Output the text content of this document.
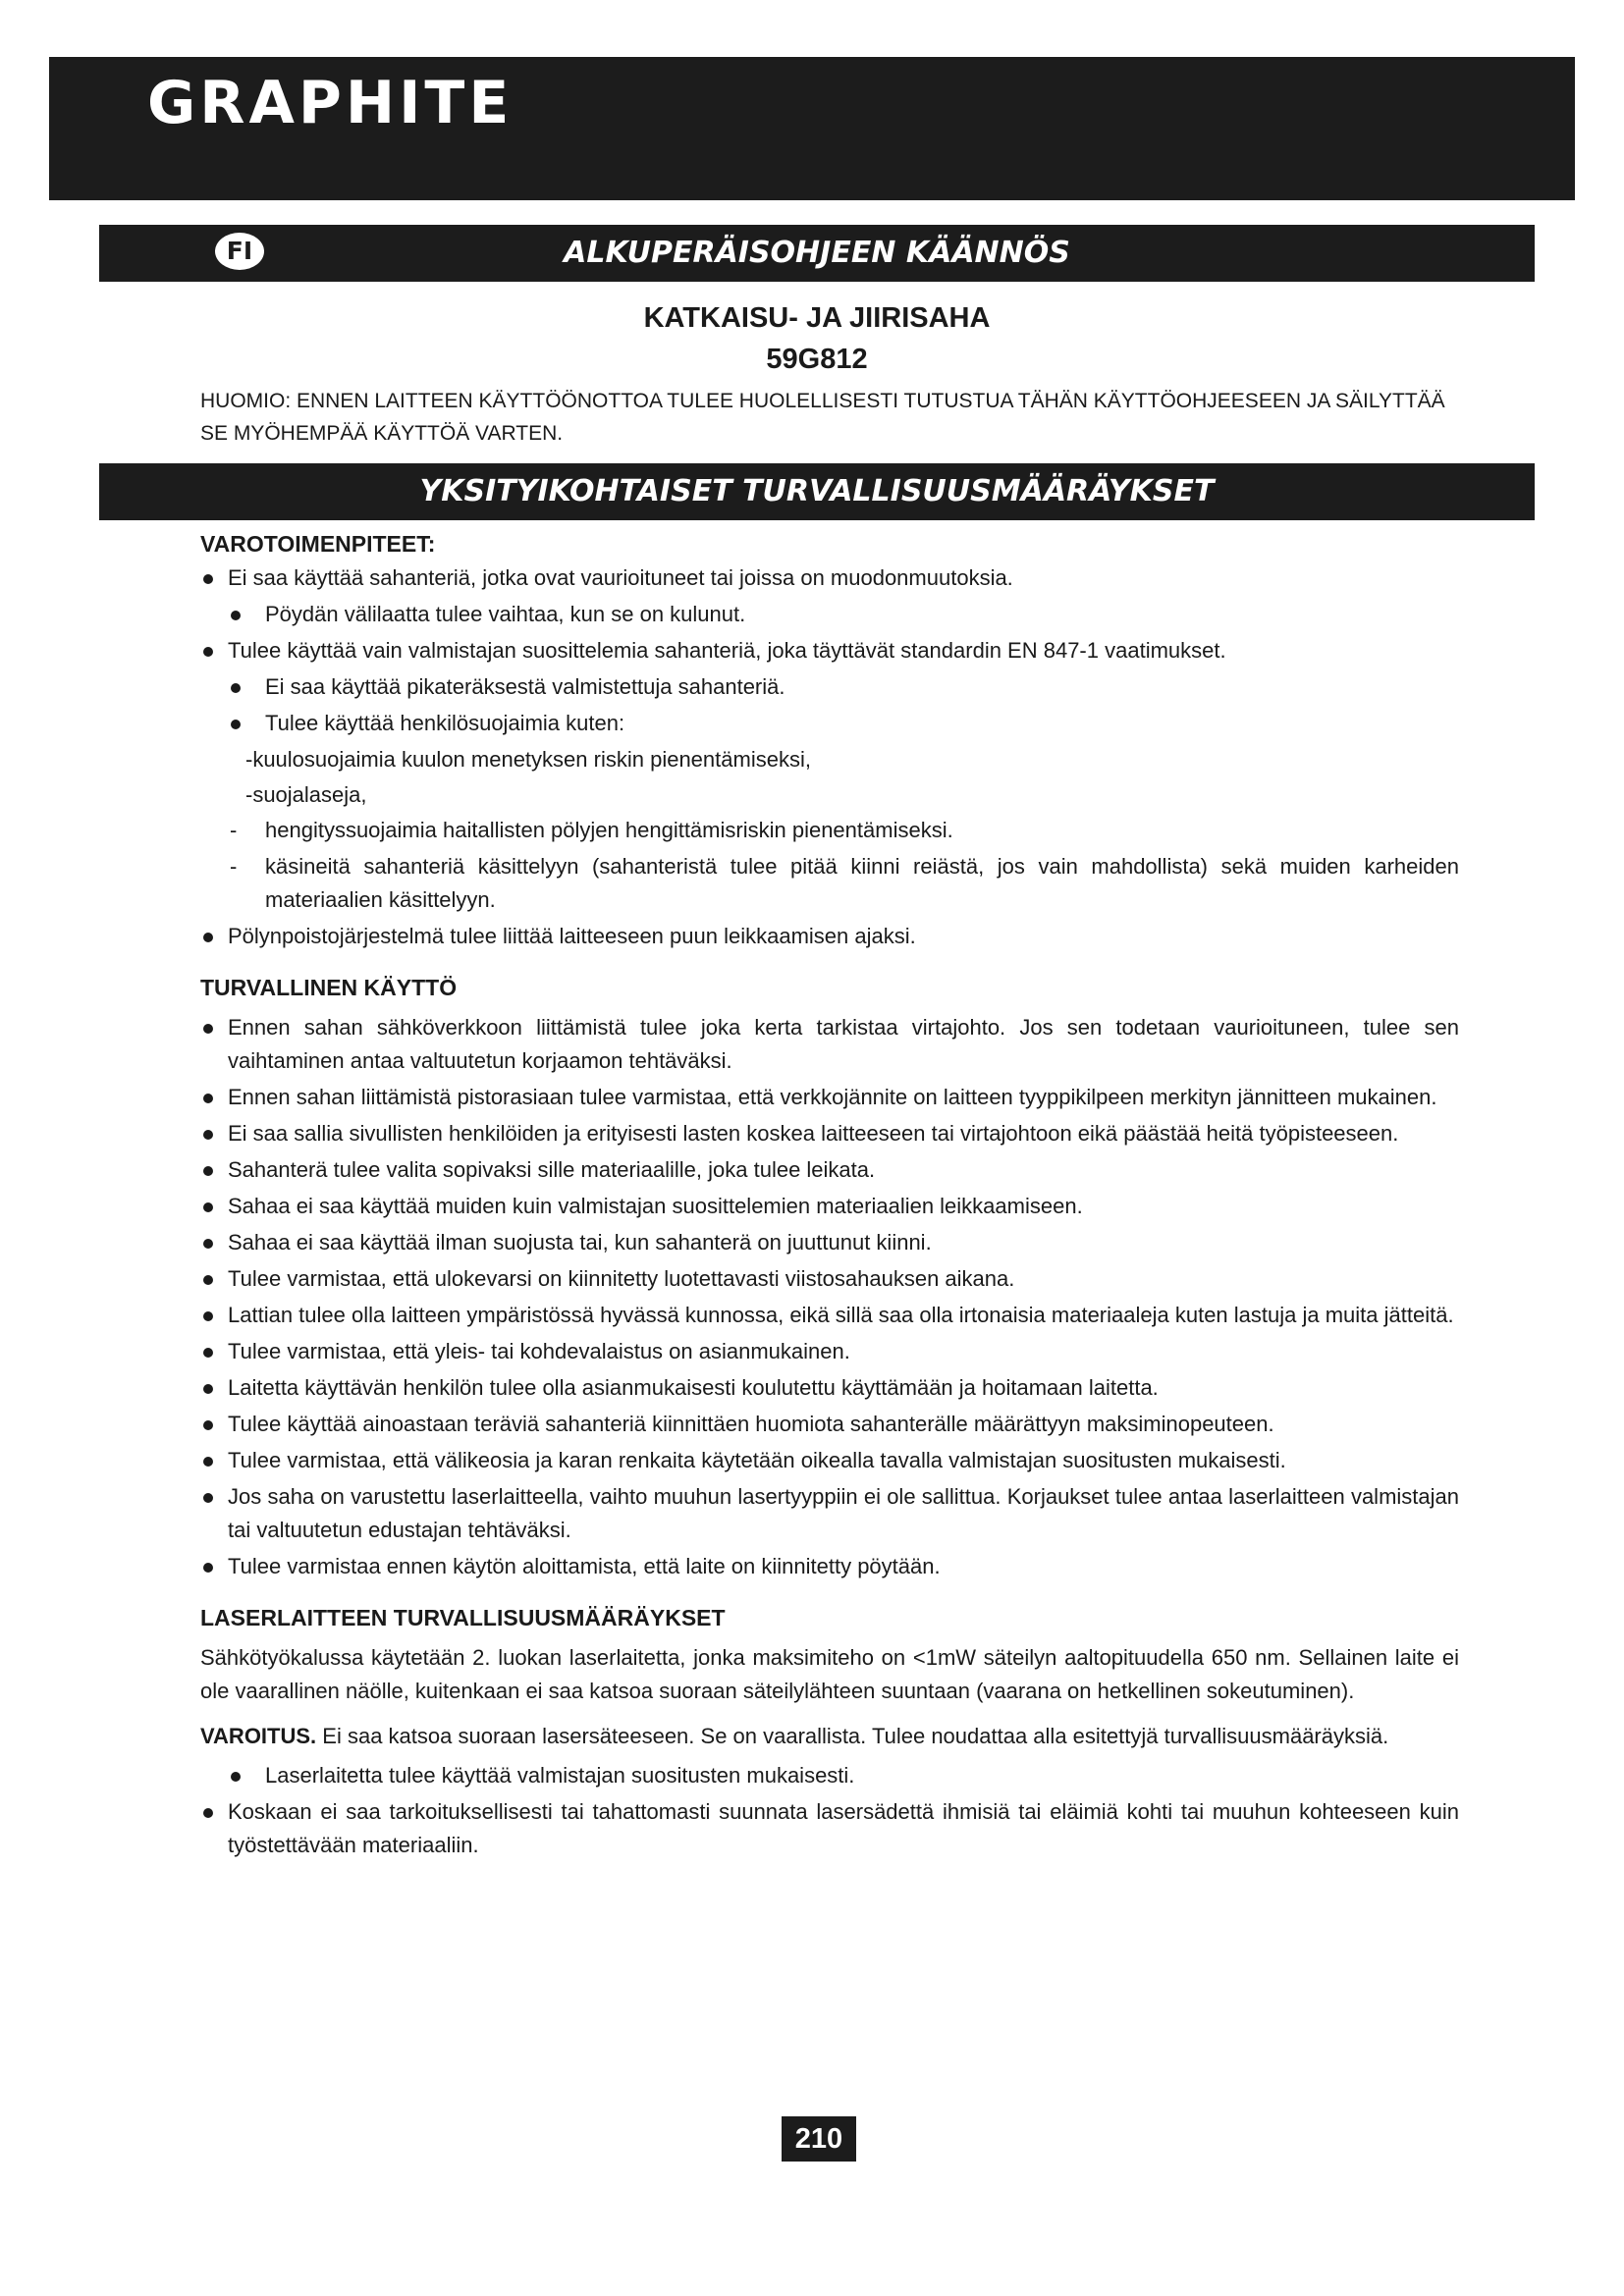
GRAPHITE
FI	ALKUPERÄISOHJEEN KÄÄNNÖS
KATKAISU- JA JIIRISAHA
59G812
HUOMIO: ENNEN LAITTEEN KÄYTTÖÖNOTTOA TULEE HUOLELLISESTI TUTUSTUA TÄHÄN KÄYTTÖOHJEESEEN JA SÄILYTTÄÄ SE MYÖHEMPÄÄ KÄYTTÖÄ VARTEN.
YKSITYIKOHTAISET TURVALLISUUSMÄÄRÄYKSET
VAROTOIMENPITEET:

Ei saa käyttää sahanteriä, jotka ovat vaurioituneet tai joissa on muodonmuutoksia.

Pöydän välilaatta tulee vaihtaa, kun se on kulunut.

Tulee käyttää vain valmistajan suosittelemia sahanteriä, joka täyttävät standardin EN 847-1 vaatimukset.

Ei saa käyttää pikateräksestä valmistettuja sahanteriä.

Tulee käyttää henkilösuojaimia kuten:

-kuulosuojaimia kuulon menetyksen riskin pienentämiseksi,

-suojalaseja,

- hengityssuojaimia haitallisten pölyjen hengittämisriskin pienentämiseksi.

- käsineitä sahanteriä käsittelyyn (sahanteristä tulee pitää kiinni reiästä, jos vain mahdollista) sekä muiden karheiden materiaalien käsittelyyn.

Pölynpoistojärjestelmä tulee liittää laitteeseen puun leikkaamisen ajaksi.

TURVALLINEN KÄYTTÖ

Ennen sahan sähköverkkoon liittämistä tulee joka kerta tarkistaa virtajohto. Jos sen todetaan vaurioituneen, tulee sen vaihtaminen antaa valtuutetun korjaamon tehtäväksi.

Ennen sahan liittämistä pistorasiaan tulee varmistaa, että verkkojännite on laitteen tyyppikilpeen merkityn jännitteen mukainen.

Ei saa sallia sivullisten henkilöiden ja erityisesti lasten koskea laitteeseen tai virtajohtoon eikä päästää heitä työpisteeseen.

Sahanterä tulee valita sopivaksi sille materiaalille, joka tulee leikata.

Sahaa ei saa käyttää muiden kuin valmistajan suosittelemien materiaalien leikkaamiseen.

Sahaa ei saa käyttää ilman suojusta tai, kun sahanterä on juuttunut kiinni.

Tulee varmistaa, että ulokevarsi on kiinnitetty luotettavasti viistosahauksen aikana.

Lattian tulee olla laitteen ympäristössä hyvässä kunnossa, eikä sillä saa olla irtonaisia materiaaleja kuten lastuja ja muita jätteitä.

Tulee varmistaa, että yleis- tai kohdevalaistus on asianmukainen.

Laitetta käyttävän henkilön tulee olla asianmukaisesti koulutettu käyttämään ja hoitamaan laitetta.

Tulee käyttää ainoastaan teräviä sahanteriä kiinnittäen huomiota sahanterälle määrättyyn maksiminopeuteen.

Tulee varmistaa, että välikeosia ja karan renkaita käytetään oikealla tavalla valmistajan suositusten mukaisesti.

Jos saha on varustettu laserlaitteella, vaihto muuhun lasertyyppiin ei ole sallittua. Korjaukset tulee antaa laserlaitteen valmistajan tai valtuutetun edustajan tehtäväksi.

Tulee varmistaa ennen käytön aloittamista, että laite on kiinnitetty pöytään.

LASERLAITTEEN TURVALLISUUSMÄÄRÄYKSET

Sähkötyökalussa käytetään 2. luokan laserlaitetta, jonka maksimiteho on <1mW säteilyn aaltopituudella 650 nm. Sellainen laite ei ole vaarallinen näölle, kuitenkaan ei saa katsoa suoraan säteilylähteen suuntaan (vaarana on hetkellinen sokeutuminen).

VAROITUS. Ei saa katsoa suoraan lasersäteeseen. Se on vaarallista. Tulee noudattaa alla esitettyjä turvallisuusmääräyksiä.

Laserlaitetta tulee käyttää valmistajan suositusten mukaisesti.

Koskaan ei saa tarkoituksellisesti tai tahattomasti suunnata lasersädettä ihmisiä tai eläimiä kohti tai muuhun kohteeseen kuin työstettävään materiaaliin.

210
